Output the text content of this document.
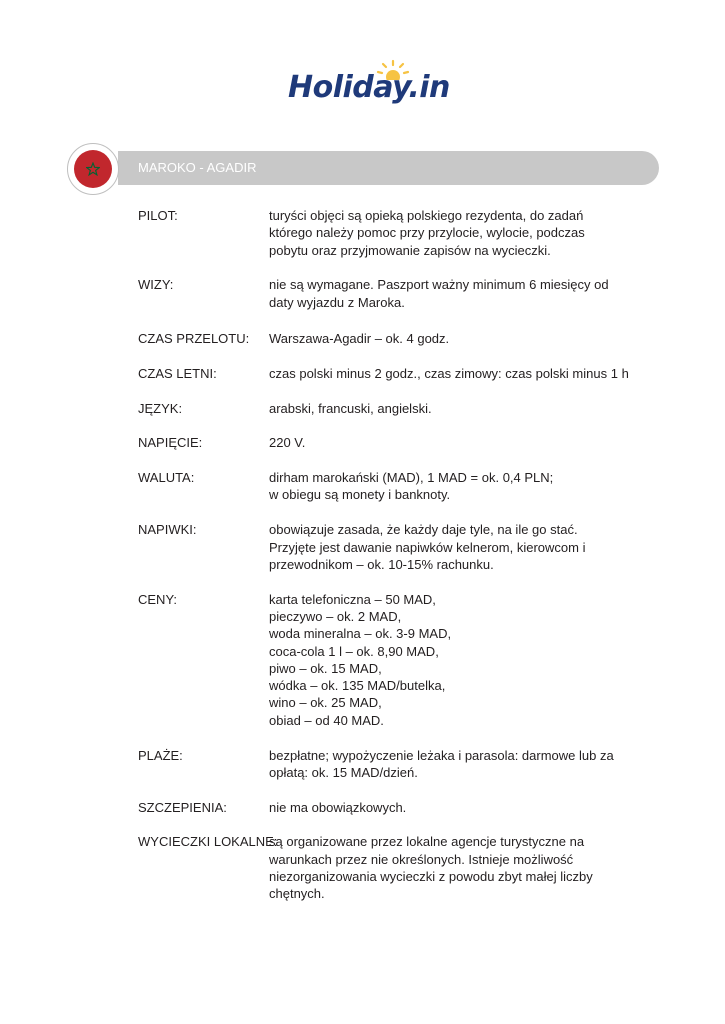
Holiday.in
MAROKO - AGADIR
PILOT:	turyści objęci są opieką polskiego rezydenta, do zadań
którego należy pomoc przy przylocie, wylocie, podczas
pobytu oraz przyjmowanie zapisów na wycieczki.
WIZY:	nie są wymagane. Paszport ważny minimum 6 miesięcy od
daty wyjazdu z Maroka.
CZAS PRZELOTU: Warszawa-Agadir – ok. 4 godz.
CZAS LETNI:	czas polski minus 2 godz., czas zimowy: czas polski minus 1 h
JĘZYK:	arabski, francuski, angielski.
NAPIĘCIE:	220 V.
WALUTA:	dirham marokański (MAD), 1 MAD = ok. 0,4 PLN;
w obiegu są monety i banknoty.
NAPIWKI:	obowiązuje zasada, że każdy daje tyle, na ile go stać.
Przyjęte jest dawanie napiwków kelnerom, kierowcom i
przewodnikom – ok. 10-15% rachunku.
CENY:	karta telefoniczna – 50 MAD,
pieczywo – ok. 2 MAD,
woda mineralna – ok. 3-9 MAD,
coca-cola 1 l – ok. 8,90 MAD,
piwo – ok. 15 MAD,
wódka – ok. 135 MAD/butelka,
wino – ok. 25 MAD,
obiad – od 40 MAD.
PLAŻE:	bezpłatne; wypożyczenie leżaka i parasola: darmowe lub za
opłatą: ok. 15 MAD/dzień.
SZCZEPIENIA:	nie ma obowiązkowych.
WYCIECZKI LOKALNE:
są organizowane przez lokalne agencje turystyczne na
warunkach przez nie określonych. Istnieje możliwość
niezorganizowania wycieczki z powodu zbyt małej liczby
chętnych.
